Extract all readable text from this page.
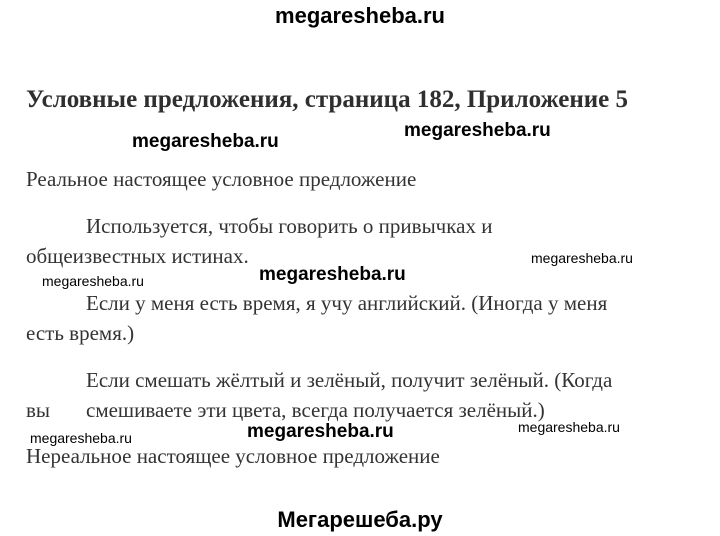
megaresheba.ru
Условные предложения, страница 182, Приложение 5
megaresheba.ru
megaresheba.ru
Реальное настоящее условное предложение
Используется, чтобы говорить о привычках и
общеизвестных истинах.	megaresheba.ru
megaresheba.ru
megaresheba.ru
Если у меня есть время, я учу английский. (Иногда у меня
есть время.)
Если смешать жёлтый и зелёный, получит зелёный. (Когда
вы смешиваете эти цвета, всегда получается зелёный.)
megaresheba.ru
megaresheba.ru
megaresheba.ru
Нереальное настоящее условное предложение
Мегарешеба.ру
